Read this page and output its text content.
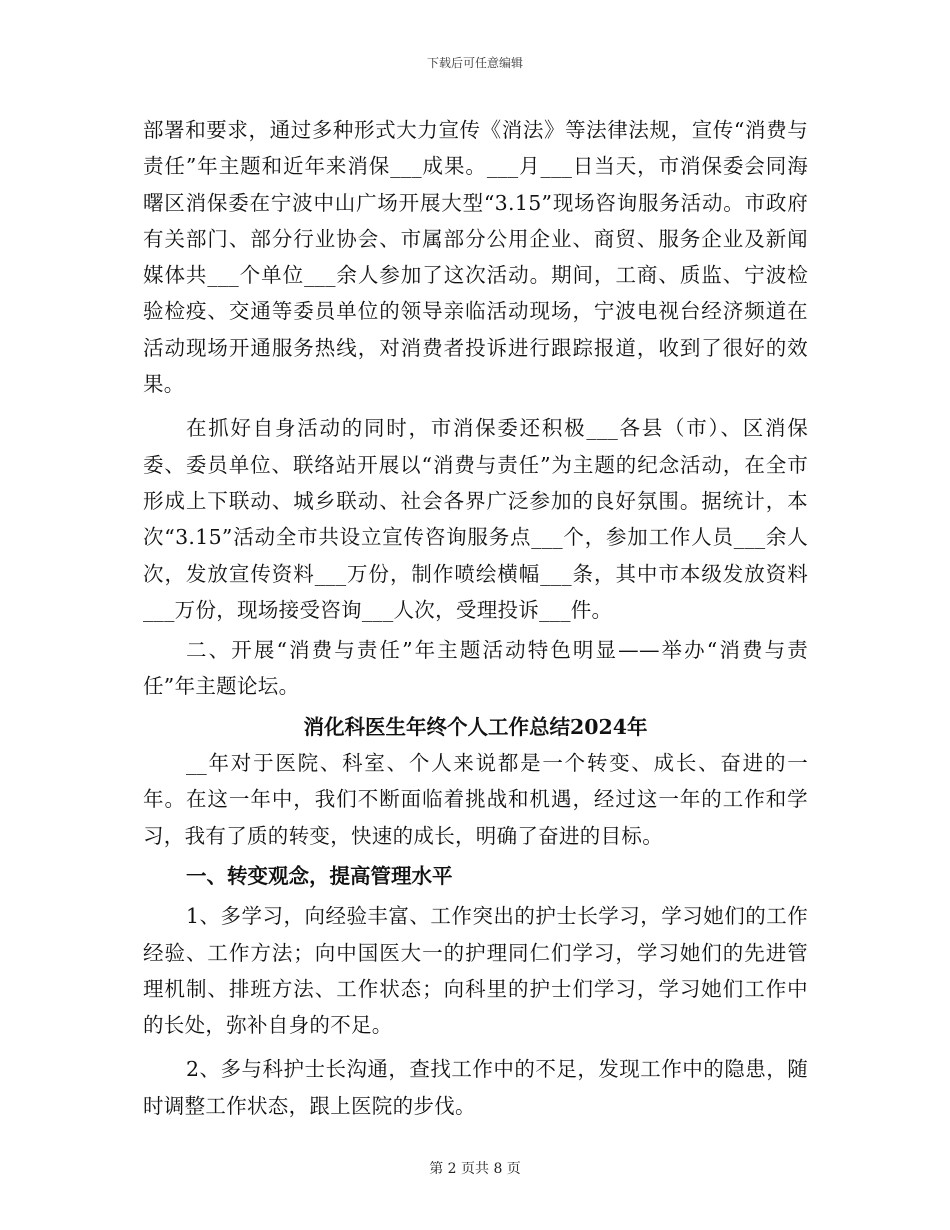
下载后可任意编辑

部署和要求，通过多种形式大力宣传《消法》等法律法规，宣传“消费与责任”年主题和近年来消保___成果。___月___日当天，市消保委会同海曙区消保委在宁波中山广场开展大型“3.15”现场咨询服务活动。市政府有关部门、部分行业协会、市属部分公用企业、商贸、服务企业及新闻媒体共___个单位___余人参加了这次活动。期间，工商、质监、宁波检验检疫、交通等委员单位的领导亲临活动现场，宁波电视台经济频道在活动现场开通服务热线，对消费者投诉进行跟踪报道，收到了很好的效果。

在抓好自身活动的同时，市消保委还积极___各县（市）、区消保委、委员单位、联络站开展以“消费与责任”为主题的纪念活动，在全市形成上下联动、城乡联动、社会各界广泛参加的良好氛围。据统计，本次“3.15”活动全市共设立宣传咨询服务点___个，参加工作人员___余人次，发放宣传资料___万份，制作喷绘横幅___条，其中市本级发放资料___万份，现场接受咨询___人次，受理投诉___件。

二、开展“消费与责任”年主题活动特色明显——举办“消费与责任”年主题论坛。

消化科医生年终个人工作总结2024年

__年对于医院、科室、个人来说都是一个转变、成长、奋进的一年。在这一年中，我们不断面临着挑战和机遇，经过这一年的工作和学习，我有了质的转变，快速的成长，明确了奋进的目标。

一、转变观念，提高管理水平

1、多学习，向经验丰富、工作突出的护士长学习，学习她们的工作经验、工作方法；向中国医大一的护理同仁们学习，学习她们的先进管理机制、排班方法、工作状态；向科里的护士们学习，学习她们工作中的长处，弥补自身的不足。

2、多与科护士长沟通，查找工作中的不足，发现工作中的隐患，随时调整工作状态，跟上医院的步伐。

第 2 页共 8 页
